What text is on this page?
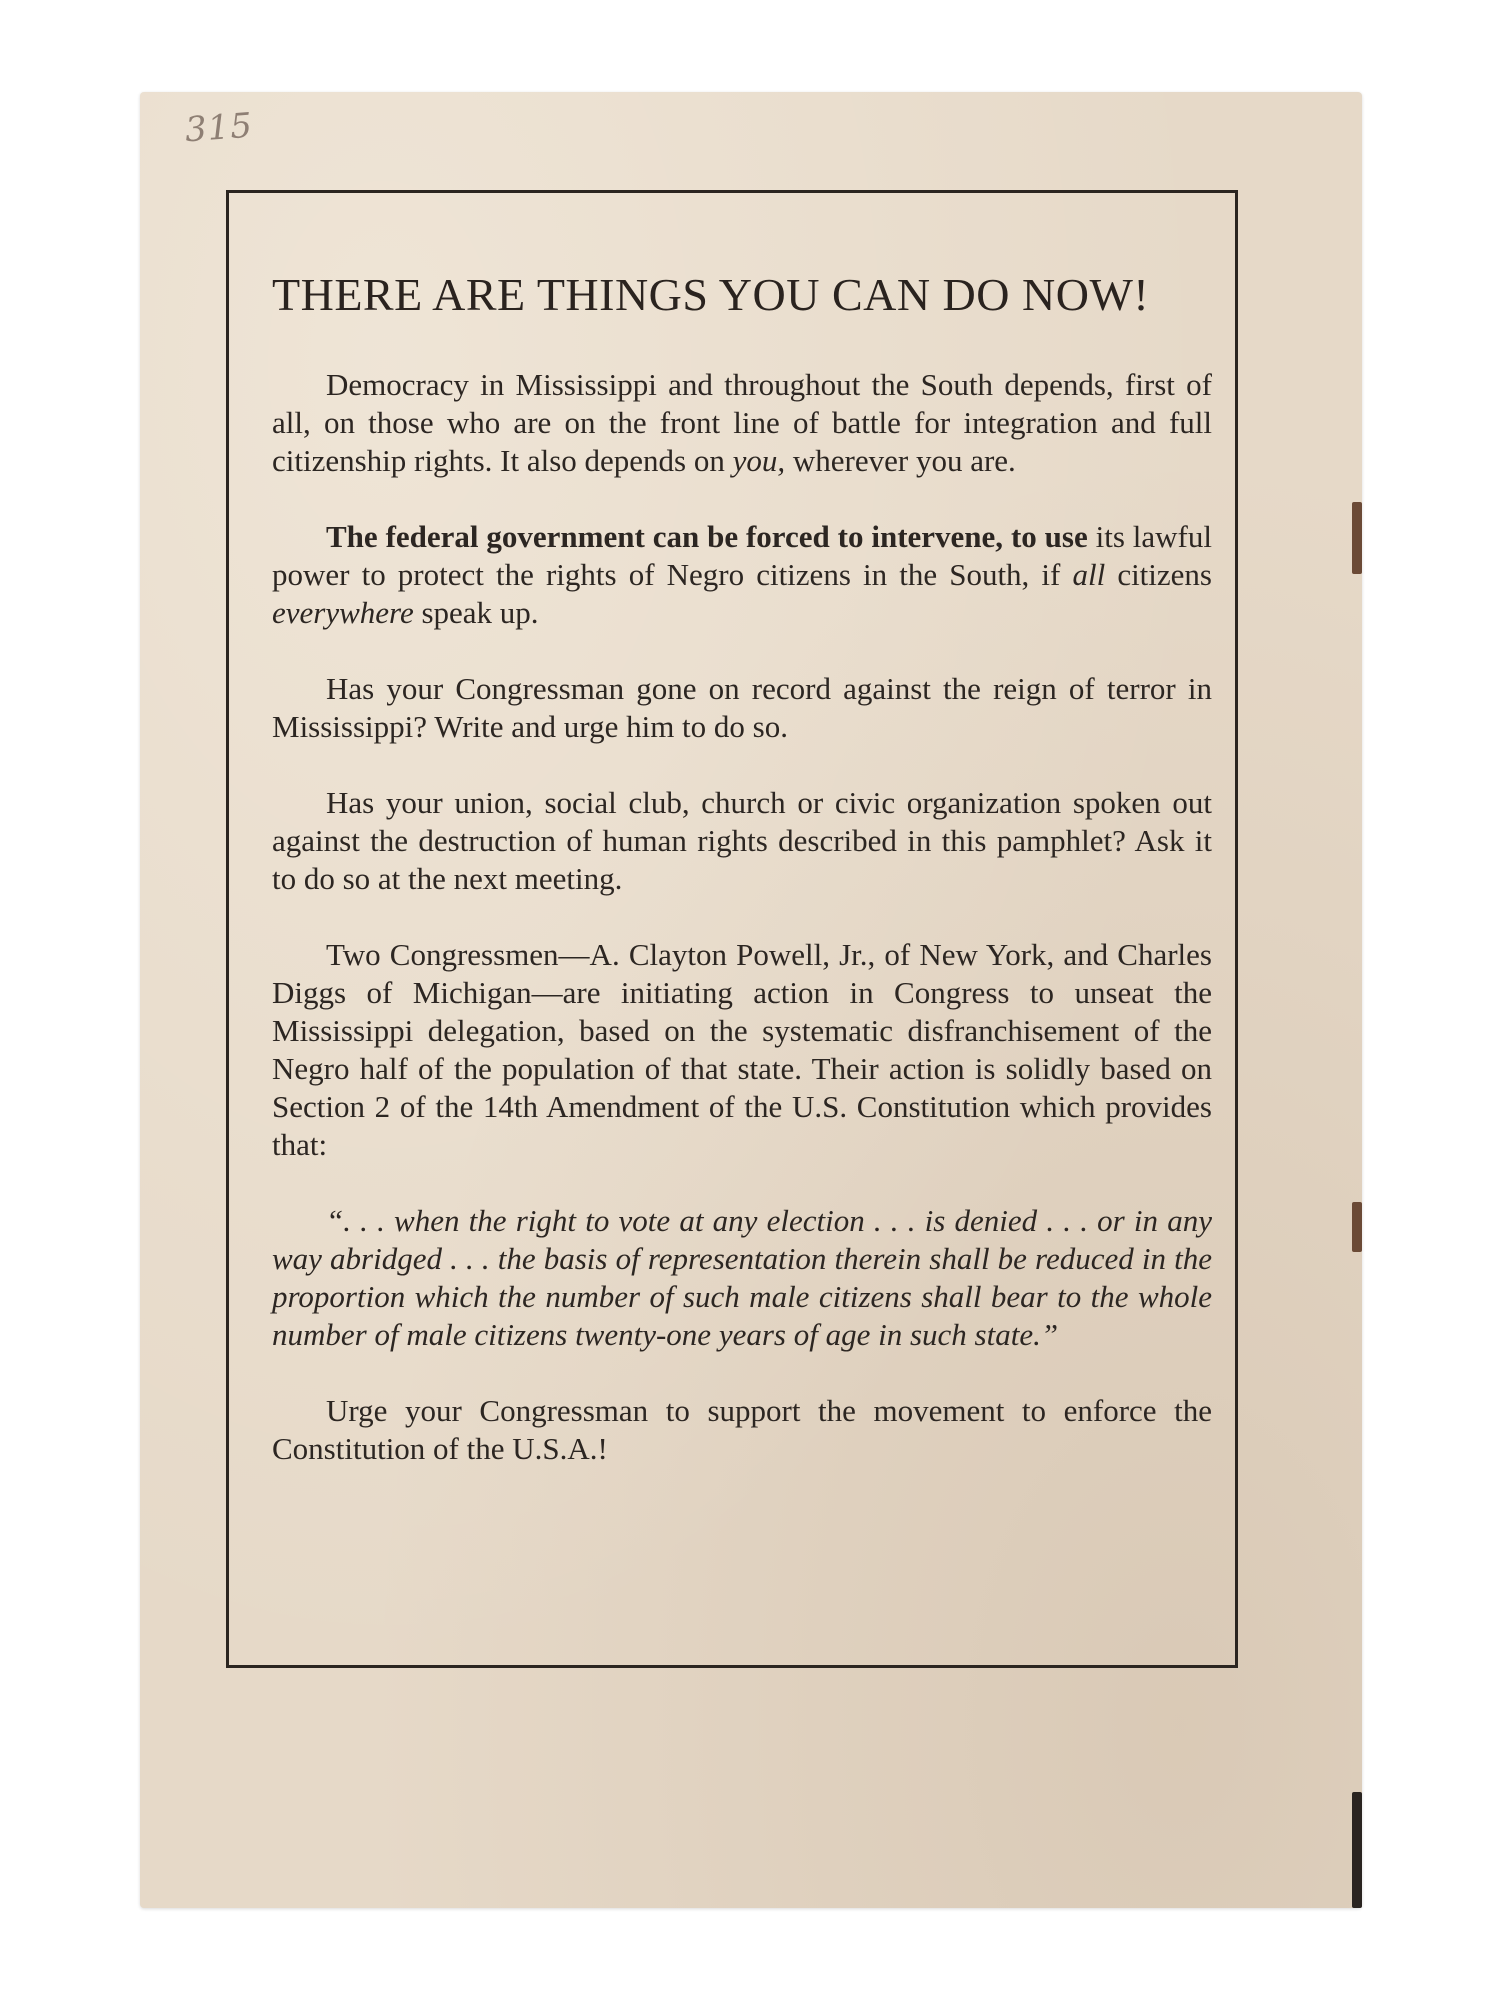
315
THERE ARE THINGS YOU CAN DO NOW!

Democracy in Mississippi and throughout the South depends, first of all, on those who are on the front line of battle for integration and full citizenship rights. It also depends on you, wherever you are.

The federal government can be forced to intervene, to use its lawful power to protect the rights of Negro citizens in the South, if all citizens everywhere speak up.

Has your Congressman gone on record against the reign of terror in Mississippi? Write and urge him to do so.

Has your union, social club, church or civic organization spoken out against the destruction of human rights described in this pamphlet? Ask it to do so at the next meeting.

Two Congressmen—A. Clayton Powell, Jr., of New York, and Charles Diggs of Michigan—are initiating action in Congress to unseat the Mississippi delegation, based on the systematic disfranchisement of the Negro half of the population of that state. Their action is solidly based on Section 2 of the 14th Amendment of the U.S. Constitution which provides that:

“. . . when the right to vote at any election . . . is denied . . . or in any way abridged . . . the basis of representation therein shall be reduced in the proportion which the number of such male citizens shall bear to the whole number of male citizens twenty-one years of age in such state.”

Urge your Congressman to support the movement to enforce the Constitution of the U.S.A.!
